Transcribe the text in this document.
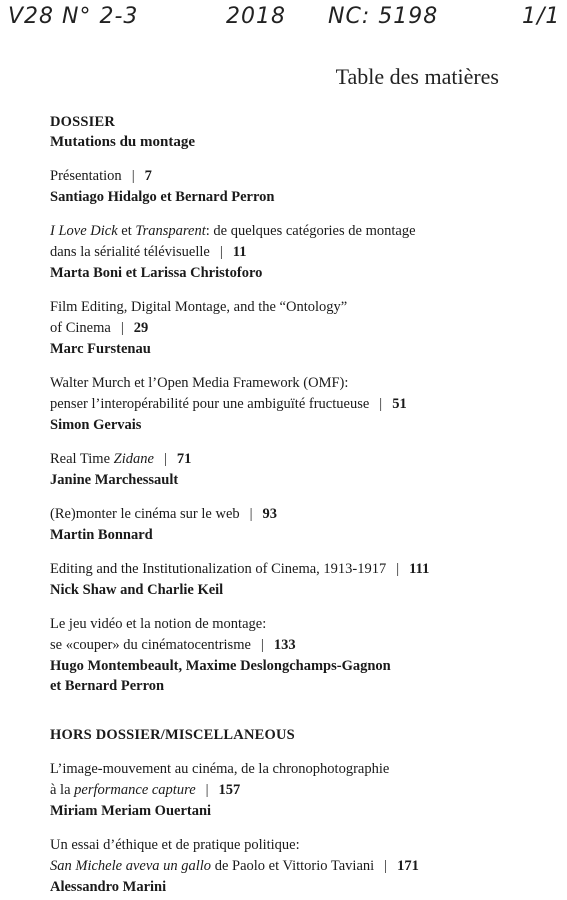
V28 N° 2-3	2018 NC: 5198	1/1
Table des matières
DOSSIER
Mutations du montage
Présentation | 7
Santiago Hidalgo et Bernard Perron
I Love Dick et Transparent: de quelques catégories de montage
dans la sérialité télévisuelle | 11
Marta Boni et Larissa Christoforo
Film Editing, Digital Montage, and the “Ontology”
of Cinema | 29
Marc Furstenau
Walter Murch et l’Open Media Framework (OMF):
penser l’interopérabilité pour une ambiguïté fructueuse | 51
Simon Gervais
Real Time Zidane | 71
Janine Marchessault
(Re)monter le cinéma sur le web | 93
Martin Bonnard
Editing and the Institutionalization of Cinema, 1913-1917 | 111
Nick Shaw and Charlie Keil
Le jeu vidéo et la notion de montage:
se «couper» du cinématocentrisme | 133
Hugo Montembeault, Maxime Deslongchamps-Gagnon
et Bernard Perron
HORS DOSSIER/MISCELLANEOUS
L’image-mouvement au cinéma, de la chronophotographie
à la performance capture | 157
Miriam Meriam Ouertani
Un essai d’éthique et de pratique politique:
San Michele aveva un gallo de Paolo et Vittorio Taviani | 171
Alessandro Marini
